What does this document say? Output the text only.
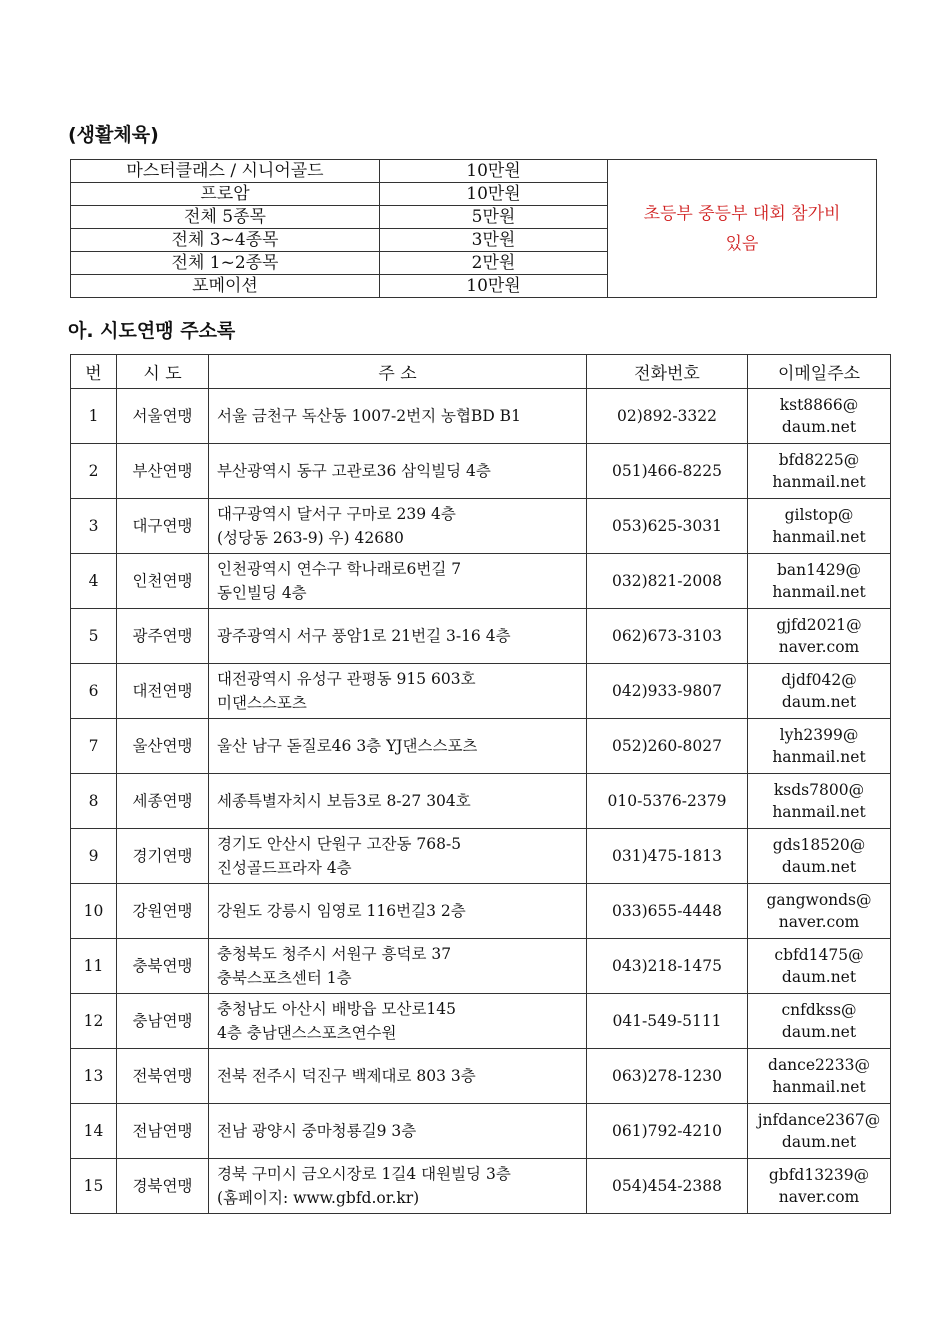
(생활체육)
마스터클래스 / 시니어골드	10만원	초등부 중등부 대회 참가비
있음

프로암	10만원	
전체 5종목	5만원	
전체 3~4종목	3만원	
전체 1~2종목	2만원	
포메이션	10만원	
아. 시도연맹 주소록
번	시 도	주 소	전화번호	이메일주소
1	서울연맹	서울 금천구 독산동 1007-2번지 농협BD B1	02)892-3322	kst8866@
daum.net

2	부산연맹	부산광역시 동구 고관로36 삼익빌딩 4층	051)466-8225	bfd8225@
hanmail.net

3	대구연맹	대구광역시 달서구 구마로 239 4층
(성당동 263-9) 우) 42680	053)625-3031	gilstop@
hanmail.net

4	인천연맹	인천광역시 연수구 학나래로6번길 7
동인빌딩 4층	032)821-2008	ban1429@
hanmail.net

5	광주연맹	광주광역시 서구 풍암1로 21번길 3-16 4층	062)673-3103	gjfd2021@
naver.com

6	대전연맹	대전광역시 유성구 관평동 915 603호
미댄스스포츠	042)933-9807	djdf042@
daum.net

7	울산연맹	울산 남구 돋질로46 3층 YJ댄스스포츠	052)260-8027	lyh2399@
hanmail.net

8	세종연맹	세종특별자치시 보듬3로 8-27 304호	010-5376-2379	ksds7800@
hanmail.net

9	경기연맹	경기도 안산시 단원구 고잔동 768-5
진성골드프라자 4층	031)475-1813	gds18520@
daum.net

10	강원연맹	강원도 강릉시 임영로 116번길3 2층	033)655-4448	gangwonds@
naver.com

11	충북연맹	충청북도 청주시 서원구 흥덕로 37
충북스포츠센터 1층	043)218-1475	cbfd1475@
daum.net

12	충남연맹	충청남도 아산시 배방읍 모산로145
4층 충남댄스스포츠연수원	041-549-5111	cnfdkss@
daum.net

13	전북연맹	전북 전주시 덕진구 백제대로 803 3층	063)278-1230	dance2233@
hanmail.net

14	전남연맹	전남 광양시 중마청룡길9 3층	061)792-4210	jnfdance2367@
daum.net

15	경북연맹	경북 구미시 금오시장로 1길4 대원빌딩 3층
(홈페이지: www.gbfd.or.kr)	054)454-2388	gbfd13239@
naver.com
